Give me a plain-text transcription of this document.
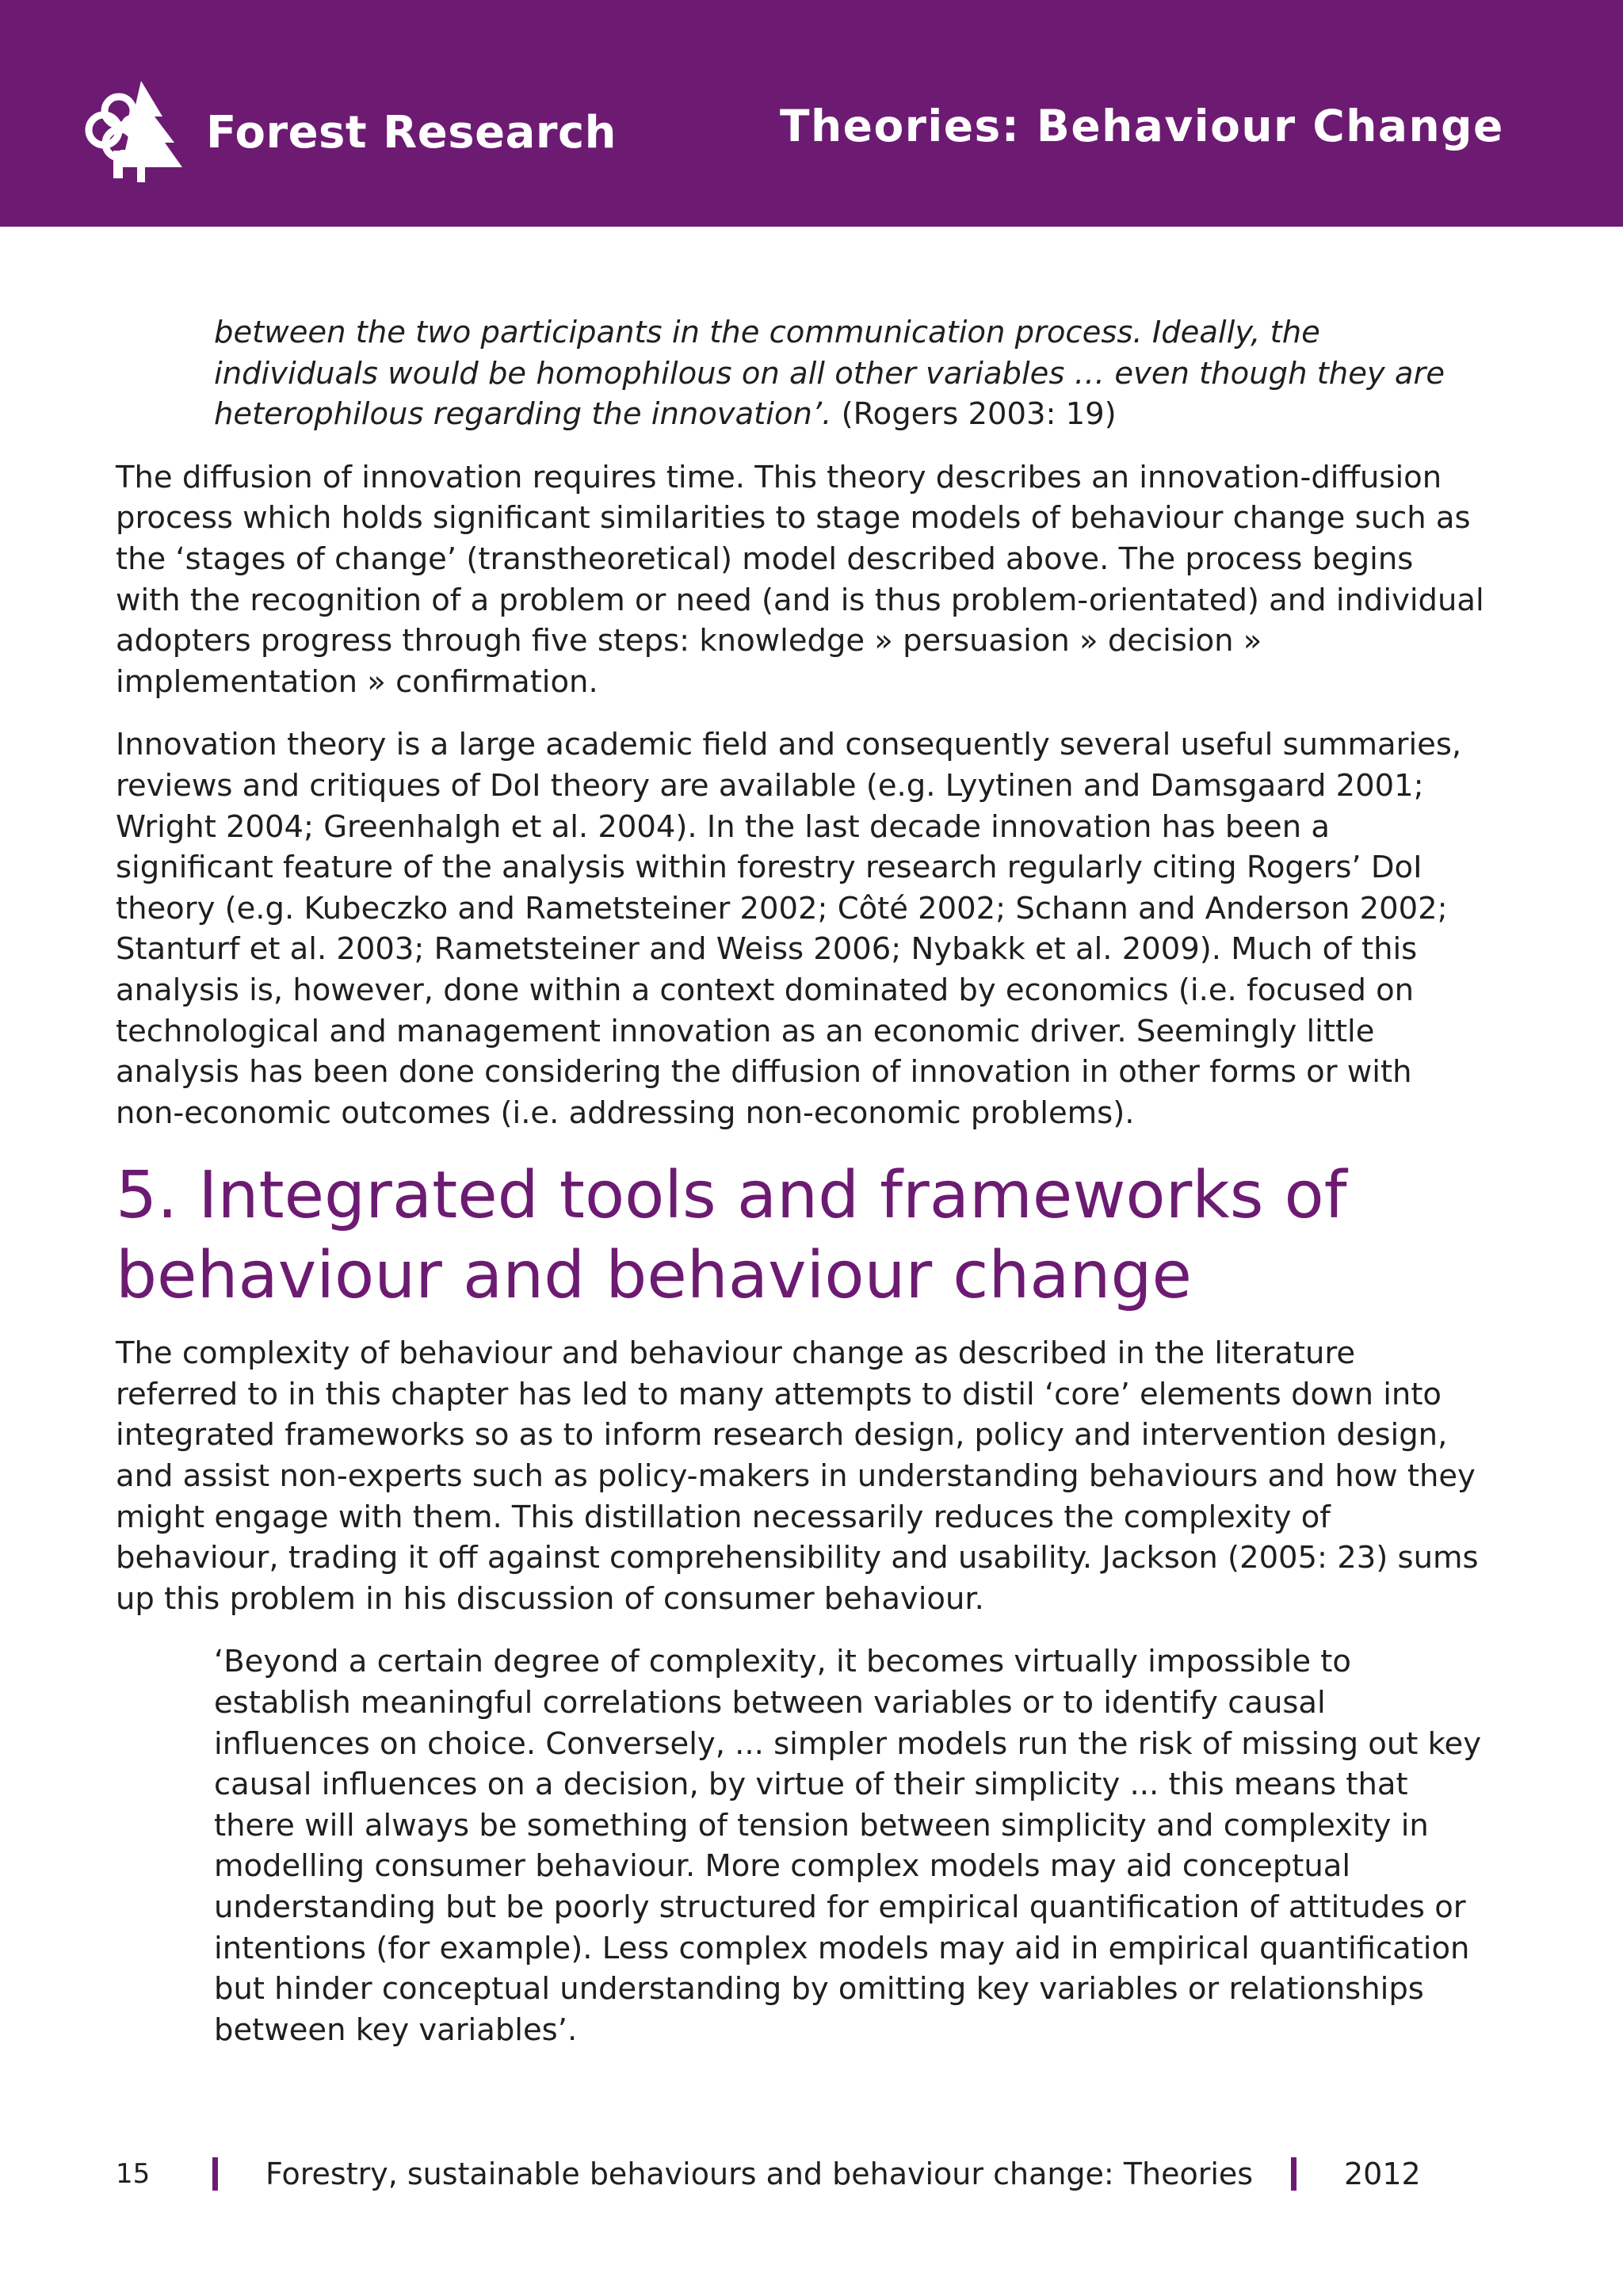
Forest Research	Theories: Behaviour Change

between the two participants in the communication process. Ideally, the individuals would be homophilous on all other variables … even though they are heterophilous regarding the innovation’. (Rogers 2003: 19)

The diffusion of innovation requires time. This theory describes an innovation-diffusion process which holds significant similarities to stage models of behaviour change such as the ‘stages of change’ (transtheoretical) model described above. The process begins with the recognition of a problem or need (and is thus problem-orientated) and individual adopters progress through five steps: knowledge » persuasion » decision » implementation » confirmation.

Innovation theory is a large academic field and consequently several useful summaries, reviews and critiques of DoI theory are available (e.g. Lyytinen and Damsgaard 2001; Wright 2004; Greenhalgh et al. 2004). In the last decade innovation has been a significant feature of the analysis within forestry research regularly citing Rogers’ DoI theory (e.g. Kubeczko and Rametsteiner 2002; Côté 2002; Schann and Anderson 2002; Stanturf et al. 2003; Rametsteiner and Weiss 2006; Nybakk et al. 2009). Much of this analysis is, however, done within a context dominated by economics (i.e. focused on technological and management innovation as an economic driver. Seemingly little analysis has been done considering the diffusion of innovation in other forms or with non-economic outcomes (i.e. addressing non-economic problems).

5. Integrated tools and frameworks of behaviour and behaviour change

The complexity of behaviour and behaviour change as described in the literature referred to in this chapter has led to many attempts to distil ‘core’ elements down into integrated frameworks so as to inform research design, policy and intervention design, and assist non-experts such as policy-makers in understanding behaviours and how they might engage with them. This distillation necessarily reduces the complexity of behaviour, trading it off against comprehensibility and usability. Jackson (2005: 23) sums up this problem in his discussion of consumer behaviour.

‘Beyond a certain degree of complexity, it becomes virtually impossible to establish meaningful correlations between variables or to identify causal influences on choice. Conversely, ... simpler models run the risk of missing out key causal influences on a decision, by virtue of their simplicity ... this means that there will always be something of tension between simplicity and complexity in modelling consumer behaviour. More complex models may aid conceptual understanding but be poorly structured for empirical quantification of attitudes or intentions (for example). Less complex models may aid in empirical quantification but hinder conceptual understanding by omitting key variables or relationships between key variables’.

15	Forestry, sustainable behaviours and behaviour change: Theories	2012
